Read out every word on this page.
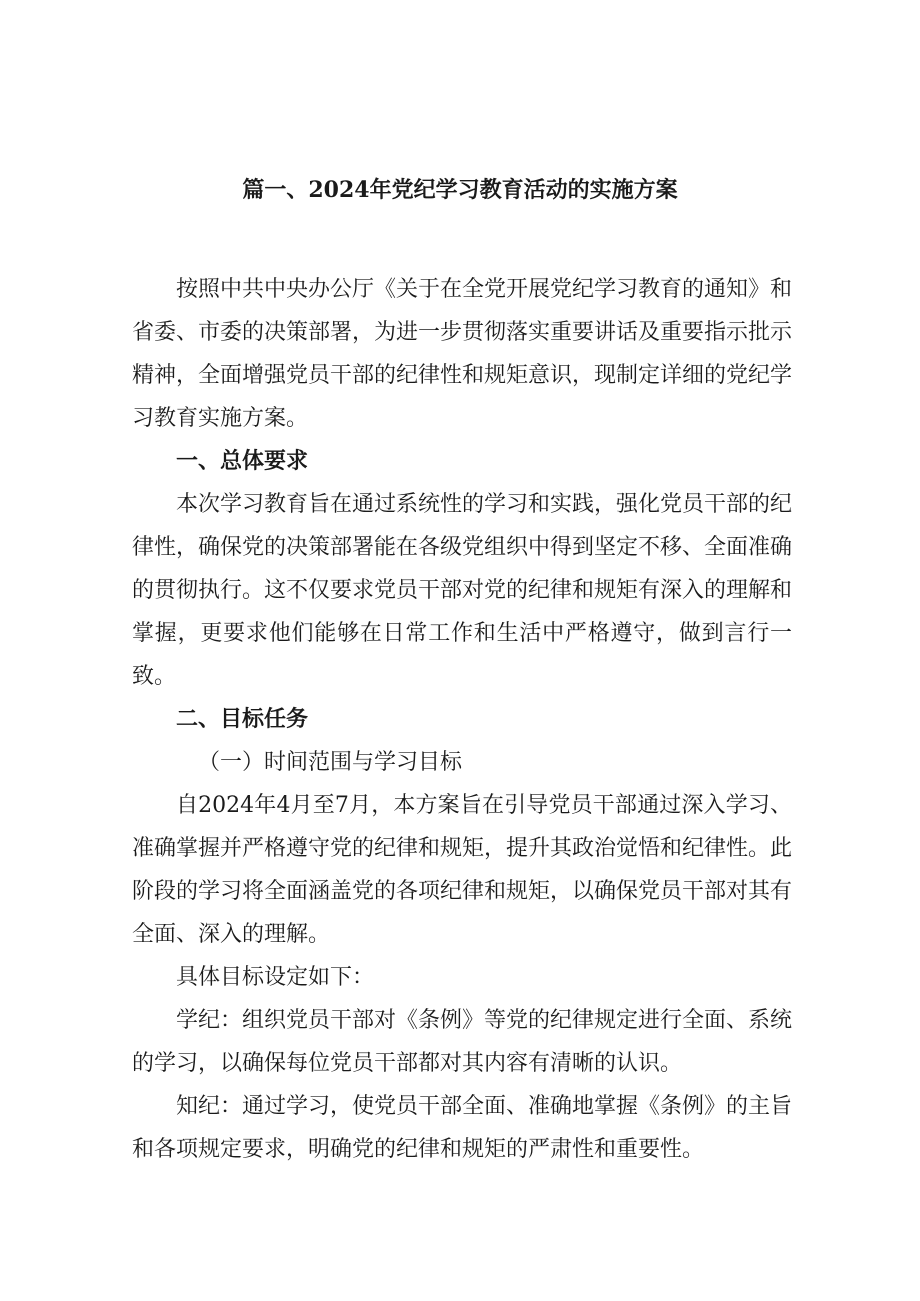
篇一、2024年党纪学习教育活动的实施方案

按照中共中央办公厅《关于在全党开展党纪学习教育的通知》和省委、市委的决策部署，为进一步贯彻落实重要讲话及重要指示批示精神，全面增强党员干部的纪律性和规矩意识，现制定详细的党纪学习教育实施方案。

一、总体要求

本次学习教育旨在通过系统性的学习和实践，强化党员干部的纪律性，确保党的决策部署能在各级党组织中得到坚定不移、全面准确的贯彻执行。这不仅要求党员干部对党的纪律和规矩有深入的理解和掌握，更要求他们能够在日常工作和生活中严格遵守，做到言行一致。

二、目标任务

（一）时间范围与学习目标

自2024年4月至7月，本方案旨在引导党员干部通过深入学习、准确掌握并严格遵守党的纪律和规矩，提升其政治觉悟和纪律性。此阶段的学习将全面涵盖党的各项纪律和规矩，以确保党员干部对其有全面、深入的理解。

具体目标设定如下：

学纪：组织党员干部对《条例》等党的纪律规定进行全面、系统的学习，以确保每位党员干部都对其内容有清晰的认识。

知纪：通过学习，使党员干部全面、准确地掌握《条例》的主旨和各项规定要求，明确党的纪律和规矩的严肃性和重要性。
